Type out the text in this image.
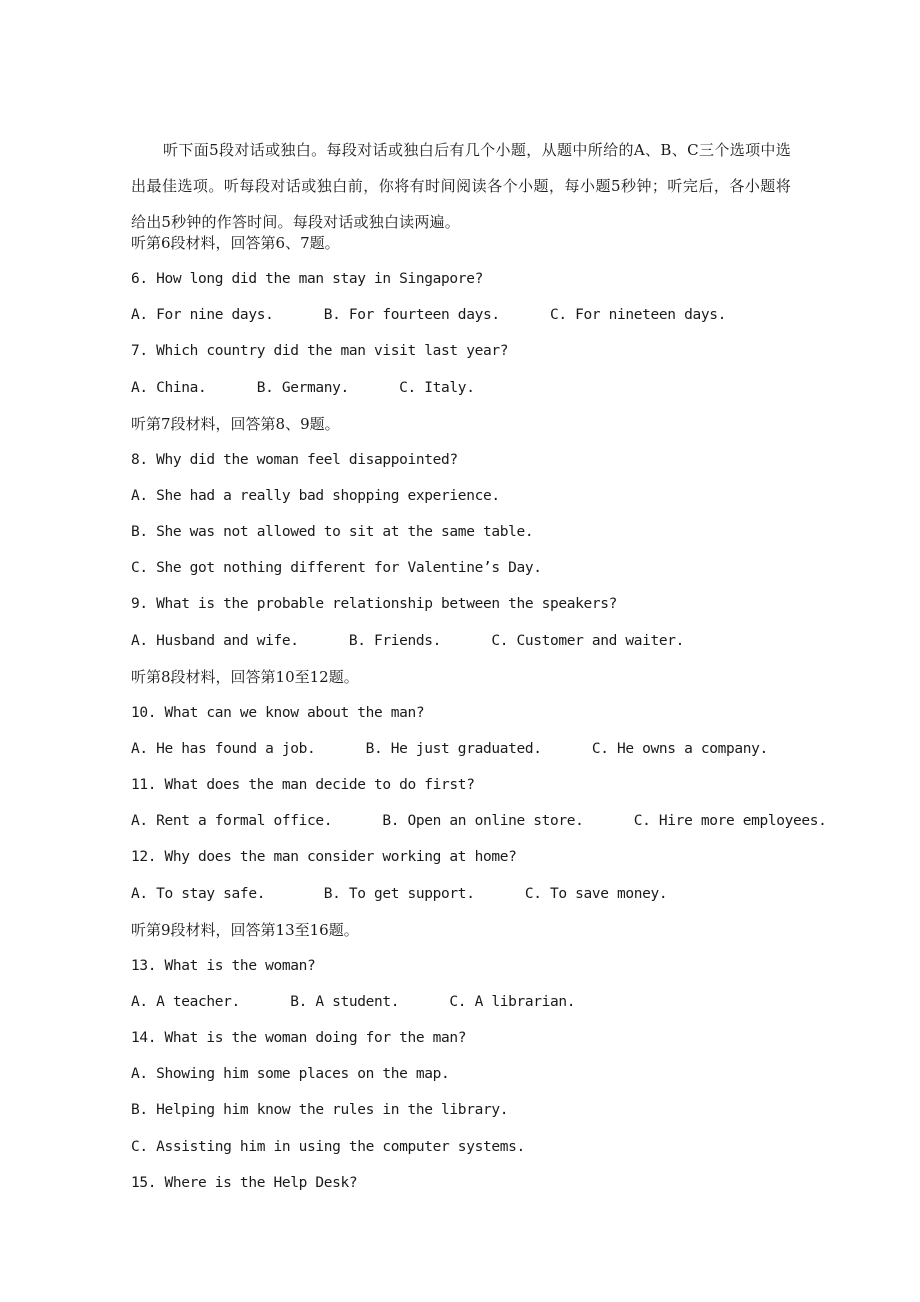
听下面5段对话或独白。每段对话或独白后有几个小题，从题中所给的A、B、C三个选项中选出最佳选项。听每段对话或独白前，你将有时间阅读各个小题，每小题5秒钟；听完后，各小题将给出5秒钟的作答时间。每段对话或独白读两遍。

听第6段材料，回答第6、7题。
6. How long did the man stay in Singapore?
A. For nine days.      B. For fourteen days.      C. For nineteen days.
7. Which country did the man visit last year?
A. China.      B. Germany.      C. Italy.
听第7段材料，回答第8、9题。
8. Why did the woman feel disappointed?
A. She had a really bad shopping experience.
B. She was not allowed to sit at the same table.
C. She got nothing different for Valentine’s Day.
9. What is the probable relationship between the speakers?
A. Husband and wife.      B. Friends.      C. Customer and waiter.
听第8段材料，回答第10至12题。
10. What can we know about the man?
A. He has found a job.      B. He just graduated.      C. He owns a company.
11. What does the man decide to do first?
A. Rent a formal office.      B. Open an online store.      C. Hire more employees.
12. Why does the man consider working at home?
A. To stay safe.       B. To get support.      C. To save money.
听第9段材料，回答第13至16题。
13. What is the woman?
A. A teacher.      B. A student.      C. A librarian.
14. What is the woman doing for the man?
A. Showing him some places on the map.
B. Helping him know the rules in the library.
C. Assisting him in using the computer systems.
15. Where is the Help Desk?
